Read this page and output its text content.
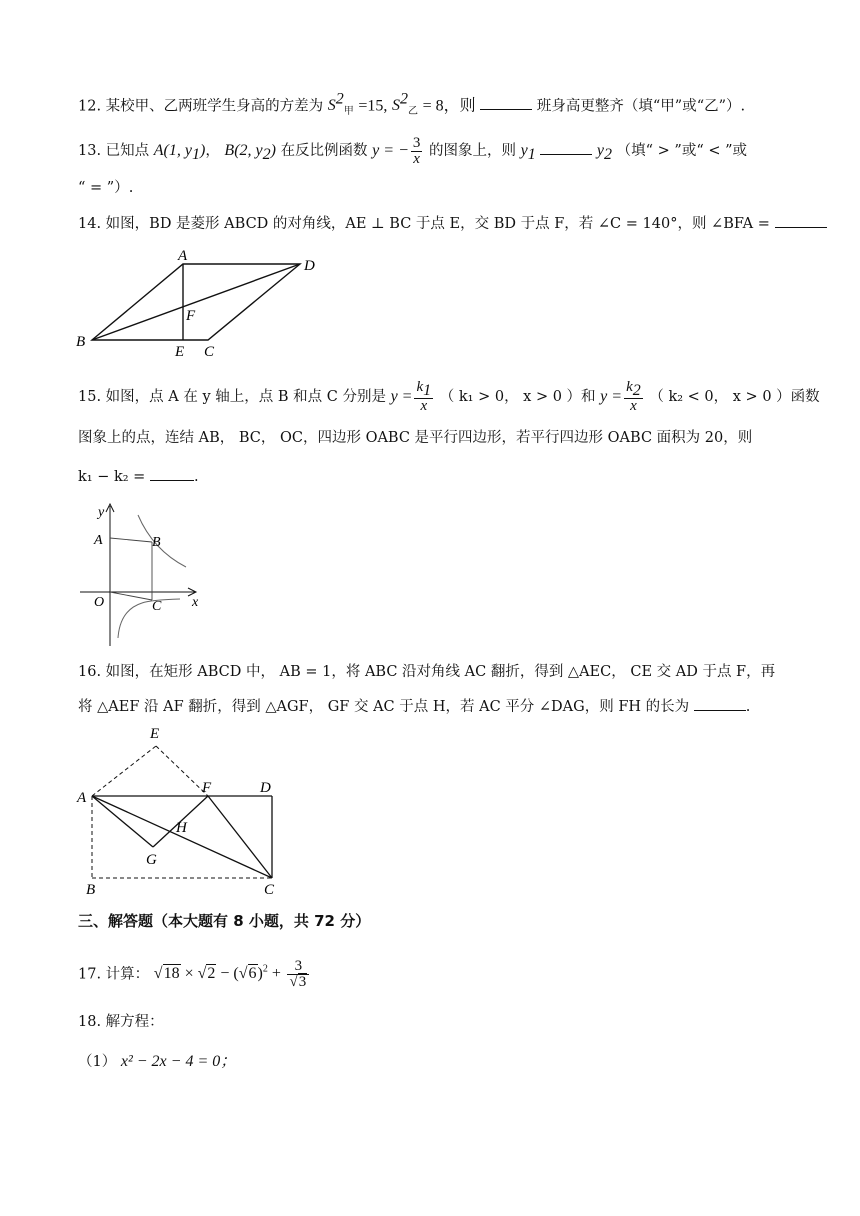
12. 某校甲、乙两班学生身高的方差为 $S^2_甲 =15$, $S^2_乙 = 8$，则	班身高更整齐（填“甲”或“乙”）.
13. 已知点 A(1, $y_1$)， B(2, $y_2$) 在反比例函数 y = − $\frac{3}{x}$ 的图象上，则 $y_1$	$y_2$ （填“ > ”或“ < ”或
“ = ”）.
14. 如图，BD 是菱形 ABCD 的对角线，AE ⊥ BC 于点 E，交 BD 于点 F，若 ∠C = 140°，则 ∠BFA =
A
D
B
E C
F
15. 如图，点 A 在 y 轴上，点 B 和点 C 分别是 $y = \frac{k_1}{x}$ （ k₁ > 0， x > 0 ）和 $y = \frac{k_2}{x}$ （ k₂ < 0， x > 0 ）函数
图象上的点，连结 AB， BC， OC，四边形 OABC 是平行四边形，若平行四边形 OABC 面积为 20，则
k₁ − k₂ =	.
y
x
O
A	B
C
16. 如图，在矩形 ABCD 中， AB = 1，将 ABC 沿对角线 AC 翻折，得到 △AEC， CE 交 AD 于点 F，再
将 △AEF 沿 AF 翻折，得到 △AGF， GF 交 AC 于点 H，若 AC 平分 ∠DAG，则 FH 的长为	.
E
A
F	D
H
G
B	C
三、解答题（本大题有 8 小题，共 72 分）
17. 计算： $√18 \times √2 - (√6)^2 + \frac{3}{√3}$
18. 解方程：
（1） x² − 2x − 4 = 0；
